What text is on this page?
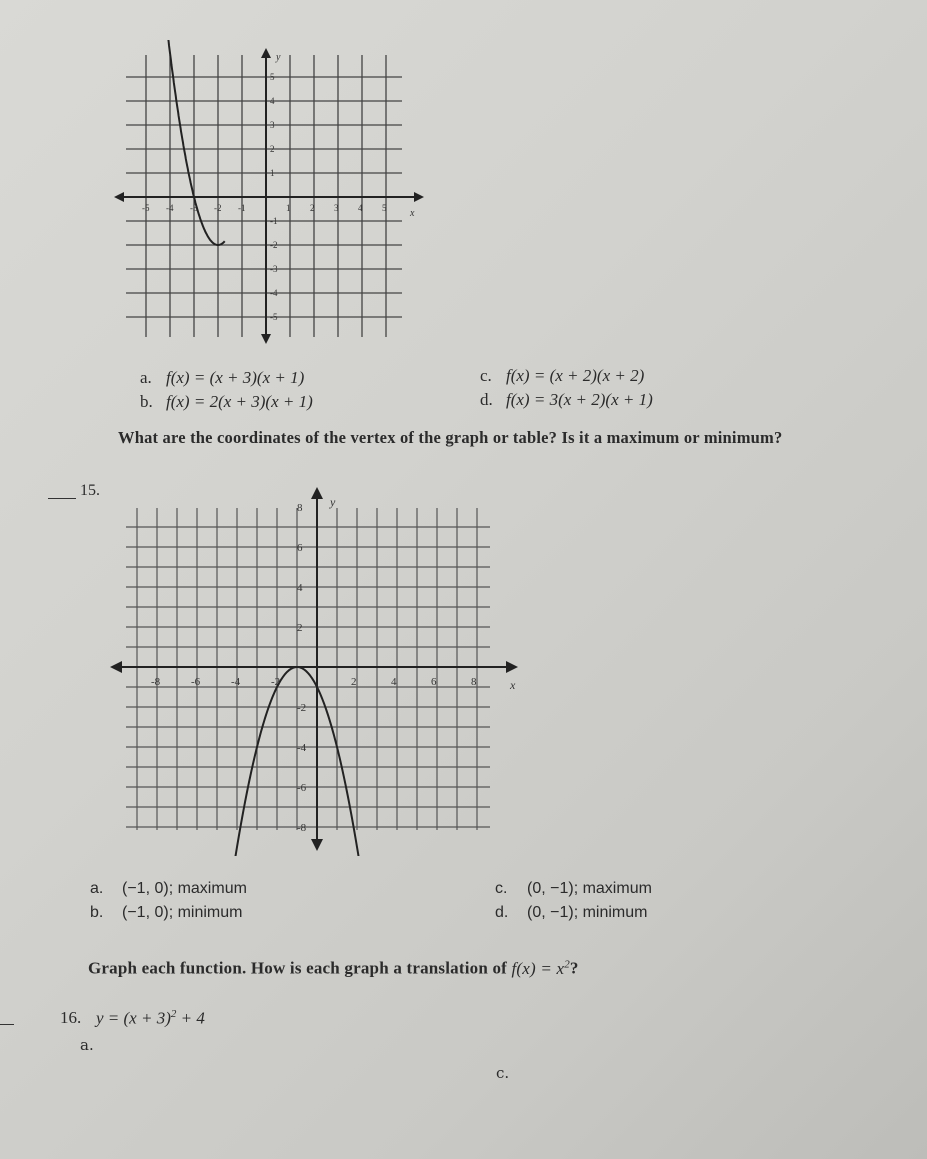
-5 -4 -3 -2 -1	1 2 3 4 5
5
4
3
2
1
-1
-2
-3
-4
-5
x
y
a. f(x) = (x + 3)(x + 1)
b. f(x) = 2(x + 3)(x + 1)
c. f(x) = (x + 2)(x + 2)
d. f(x) = 3(x + 2)(x + 1)
What are the coordinates of the vertex of the graph or table? Is it a maximum or minimum?
15.
-8	-6	-4	-2	2	4	6	8
8
6
4
2
-2
-4
-6
-8
x
y
a. (−1, 0); maximum
b. (−1, 0); minimum
c. (0, −1); maximum
d. (0, −1); minimum
Graph each function. How is each graph a translation of $f(x) = x^2$?
16. $y = (x + 3)^2 + 4$
a.
c.
